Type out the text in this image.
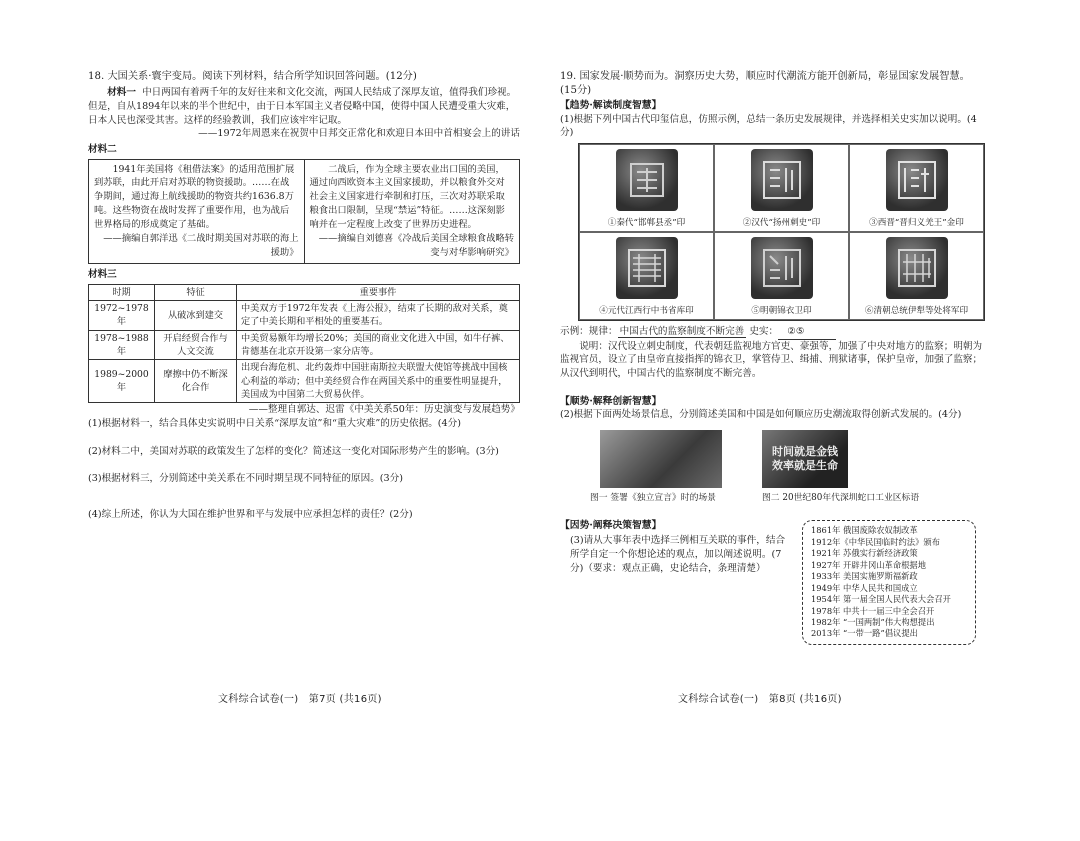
18. 大国关系·寰宇变局。阅读下列材料，结合所学知识回答问题。(12分)

材料一 中日两国有着两千年的友好往来和文化交流，两国人民结成了深厚友谊，值得我们珍视。但是，自从1894年以来的半个世纪中，由于日本军国主义者侵略中国，使得中国人民遭受重大灾难，日本人民也深受其害。这样的经验教训，我们应该牢牢记取。

——1972年周恩来在祝贺中日邦交正常化和欢迎日本田中首相宴会上的讲话

材料二

1941年美国将《租借法案》的适用范围扩展到苏联，由此开启对苏联的物资援助。……在战争期间，通过海上航线援助的物资共约1636.8万吨。这些物资在战时发挥了重要作用，也为战后世界格局的形成奠定了基础。

——摘编自郭洋迅《二战时期美国对苏联的海上援助》

二战后，作为全球主要农业出口国的美国，通过向西欧资本主义国家援助，并以粮食外交对社会主义国家进行牵制和打压，三次对苏联采取粮食出口限制，呈现“禁运”特征。……这深刻影响并在一定程度上改变了世界历史进程。

——摘编自刘德喜《冷战后美国全球粮食战略转变与对华影响研究》

材料三

时期	特征	重要事件
1972~1978年	从破冰到建交	中美双方于1972年发表《上海公报》，结束了长期的敌对关系，奠定了中美长期和平相处的重要基石。
1978~1988年	开启经贸合作与人文交流	中美贸易额年均增长20%；美国的商业文化进入中国，如牛仔裤、肯德基在北京开设第一家分店等。
1989~2000年	摩擦中仍不断深化合作	出现台海危机、北约轰炸中国驻南斯拉夫联盟大使馆等挑战中国核心利益的举动；但中美经贸合作在两国关系中的重要性明显提升，美国成为中国第二大贸易伙伴。

——整理自郭达、迟雷《中美关系50年：历史演变与发展趋势》

(1)根据材料一，结合具体史实说明中日关系“深厚友谊”和“重大灾难”的历史依据。(4分)

(2)材料二中，美国对苏联的政策发生了怎样的变化？简述这一变化对国际形势产生的影响。(3分)

(3)根据材料三，分别简述中美关系在不同时期呈现不同特征的原因。(3分)

(4)综上所述，你认为大国在维护世界和平与发展中应承担怎样的责任？(2分)

文科综合试卷(一)　第7页 (共16页)

19. 国家发展·顺势而为。洞察历史大势，顺应时代潮流方能开创新局，彰显国家发展智慧。(15分)

【趋势·解读制度智慧】

(1)根据下列中国古代印玺信息，仿照示例，总结一条历史发展规律，并选择相关史实加以说明。(4分)

①秦代“邯郸县丞”印	②汉代“扬州刺史”印	③西晋“晋归义羌王”金印
④元代江西行中书省库印	⑤明朝锦衣卫印	⑥清朝总统伊犁等处将军印

示例：规律： 中国古代的监察制度不断完善 史实： ②⑤

说明：汉代设立刺史制度，代表朝廷监视地方官吏、豪强等，加强了中央对地方的监察；明朝为监视官员，设立了由皇帝直接指挥的锦衣卫，掌管侍卫、缉捕、刑狱诸事，保护皇帝，加强了监察；从汉代到明代，中国古代的监察制度不断完善。

【顺势·解释创新智慧】

(2)根据下面两处场景信息，分别简述美国和中国是如何顺应历史潮流取得创新式发展的。(4分)

图一 签署《独立宣言》时的场景
时间就是金钱
效率就是生命
图二 20世纪80年代深圳蛇口工业区标语

【因势·阐释决策智慧】

(3)请从大事年表中选择三例相互关联的事件，结合所学自定一个你想论述的观点，加以阐述说明。(7分)（要求：观点正确，史论结合，条理清楚）

1861年 俄国废除农奴制改革
1912年《中华民国临时约法》颁布
1921年 苏俄实行新经济政策
1927年 开辟井冈山革命根据地
1933年 美国实施罗斯福新政
1949年 中华人民共和国成立
1954年 第一届全国人民代表大会召开
1978年 中共十一届三中全会召开
1982年 “一国两制”伟大构想提出
2013年 “一带一路”倡议提出
文科综合试卷(一)　第8页 (共16页)
